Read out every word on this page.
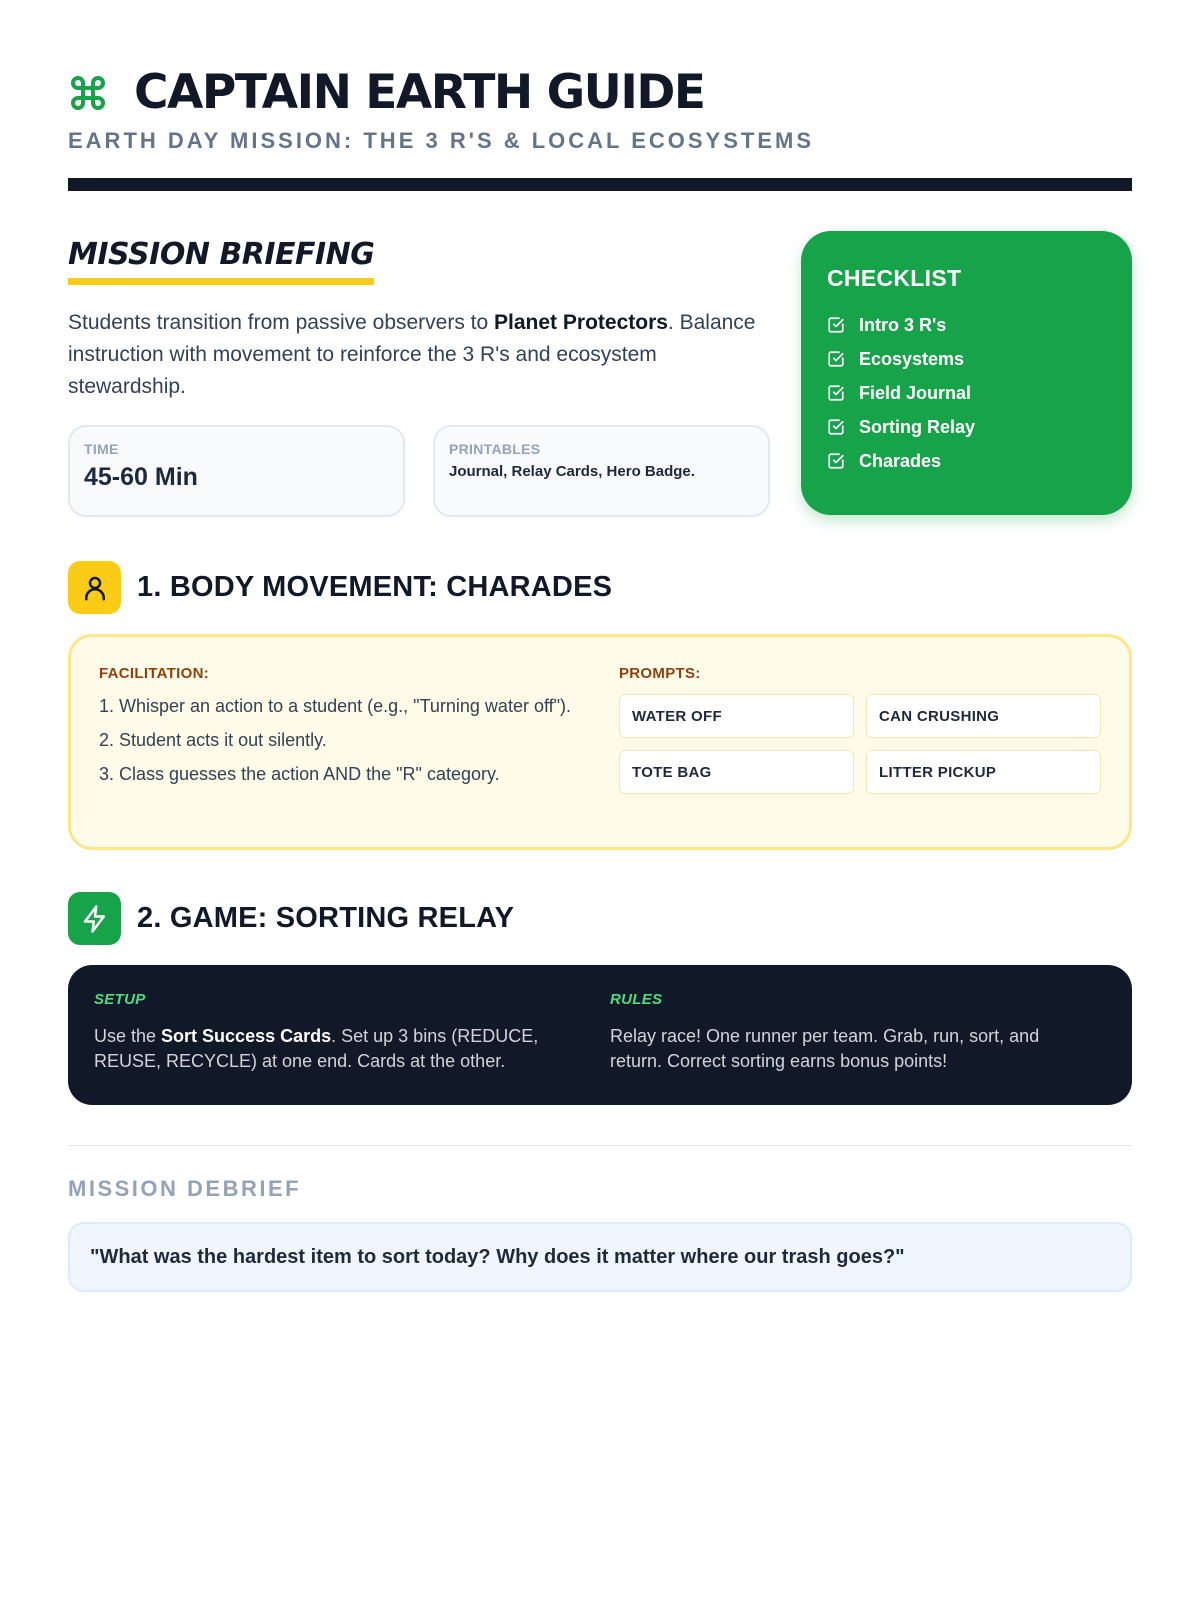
CAPTAIN EARTH GUIDE
EARTH DAY MISSION: THE 3 R'S & LOCAL ECOSYSTEMS
MISSION BRIEFING

Students transition from passive observers to Planet Protectors. Balance instruction with movement to reinforce the 3 R's and ecosystem stewardship.

TIME
45-60 Min
PRINTABLES
Journal, Relay Cards, Hero Badge.
CHECKLIST
Intro 3 R's
Ecosystems
Field Journal
Sorting Relay
Charades
1. BODY MOVEMENT: CHARADES
FACILITATION:
1. Whisper an action to a student (e.g., "Turning water off").
2. Student acts it out silently.
3. Class guesses the action AND the "R" category.
PROMPTS:
WATER OFF	CAN CRUSHING
TOTE BAG	LITTER PICKUP
2. GAME: SORTING RELAY
SETUP

Use the Sort Success Cards. Set up 3 bins (REDUCE, REUSE, RECYCLE) at one end. Cards at the other.

RULES

Relay race! One runner per team. Grab, run, sort, and return. Correct sorting earns bonus points!

MISSION DEBRIEF
"What was the hardest item to sort today? Why does it matter where our trash goes?"
